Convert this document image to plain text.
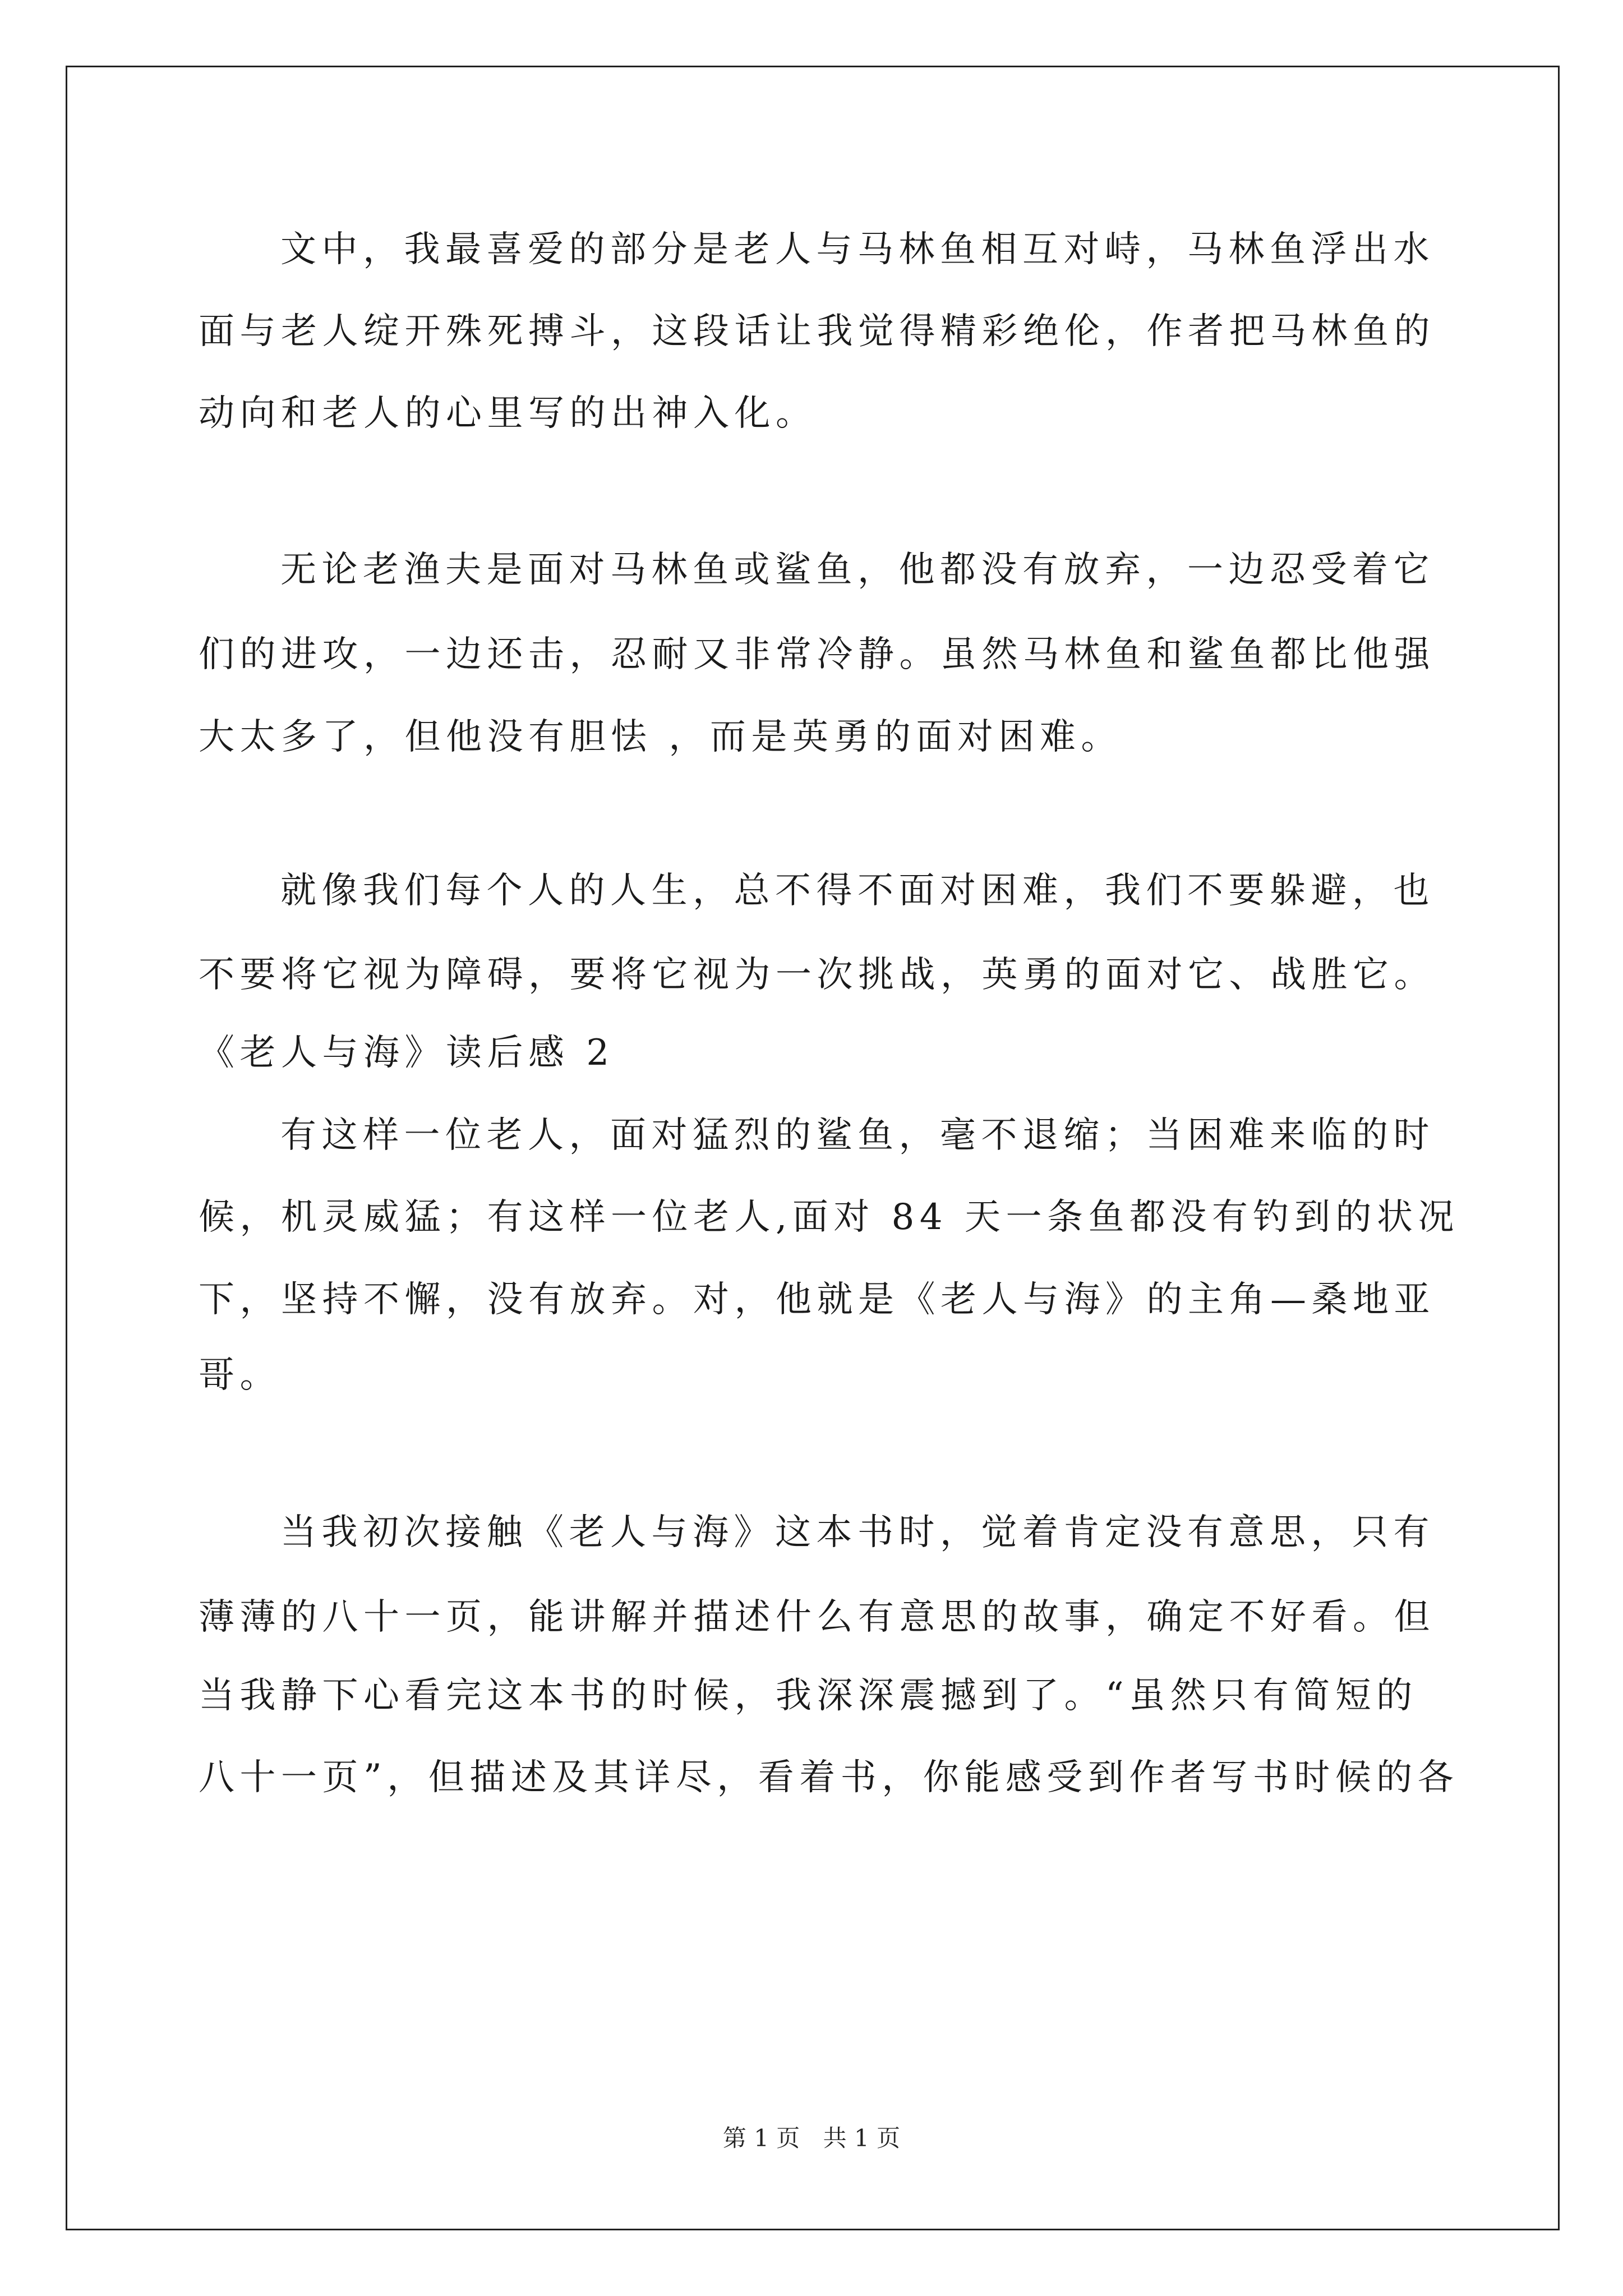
文中，我最喜爱的部分是老人与马林鱼相互对峙，马林鱼浮出水
面与老人绽开殊死搏斗，这段话让我觉得精彩绝伦，作者把马林鱼的
动向和老人的心里写的出神入化。
无论老渔夫是面对马林鱼或鲨鱼，他都没有放弃，一边忍受着它
们的进攻，一边还击，忍耐又非常冷静。虽然马林鱼和鲨鱼都比他强
大太多了，但他没有胆怯 ，而是英勇的面对困难。
就像我们每个人的人生，总不得不面对困难，我们不要躲避，也
不要将它视为障碍，要将它视为一次挑战，英勇的面对它、战胜它。
《老人与海》读后感 2
有这样一位老人，面对猛烈的鲨鱼，毫不退缩；当困难来临的时
候，机灵威猛；有这样一位老人,面对 84 天一条鱼都没有钓到的状况
下，坚持不懈，没有放弃。对，他就是《老人与海》的主角—桑地亚
哥。
当我初次接触《老人与海》这本书时，觉着肯定没有意思，只有
薄薄的八十一页，能讲解并描述什么有意思的故事，确定不好看。但
当我静下心看完这本书的时候，我深深震撼到了。“虽然只有简短的
八十一页”，但描述及其详尽，看着书，你能感受到作者写书时候的各
第 1 页 共 1 页
